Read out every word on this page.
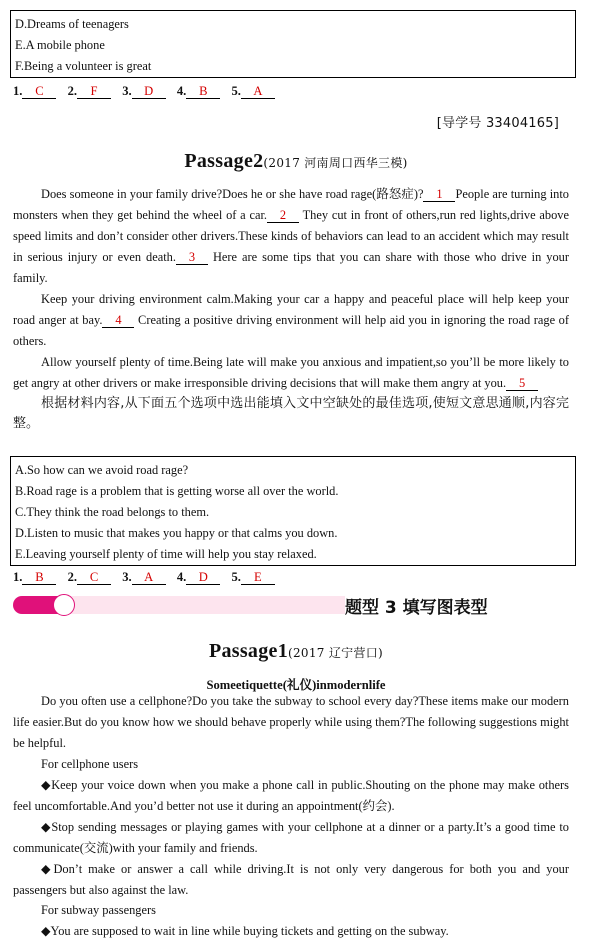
D.Dreams of teenagers
E.A mobile phone
F.Being a volunteer is great
1. C 2. F 3. D 4. B 5. A
[导学号 33404165]
Passage2(2017 河南周口西华三模)

Does someone in your family drive?Does he or she have road rage(路怒症)? 1 People are turning into monsters when they get behind the wheel of a car. 2 They cut in front of others,run red lights,drive above speed limits and don’t consider other drivers.These kinds of behaviors can lead to an accident which may result in serious injury or even death. 3 Here are some tips that you can share with those who drive in your family.

Keep your driving environment calm.Making your car a happy and peaceful place will help keep your road anger at bay. 4 Creating a positive driving environment will help aid you in ignoring the road rage of others.

Allow yourself plenty of time.Being late will make you anxious and impatient,so you’ll be more likely to get angry at other drivers or make irresponsible driving decisions that will make them angry at you. 5

根据材料内容,从下面五个选项中选出能填入文中空缺处的最佳选项,使短文意思通顺,内容完整。

A.So how can we avoid road rage?
B.Road rage is a problem that is getting worse all over the world.
C.They think the road belongs to them.
D.Listen to music that makes you happy or that calms you down.
E.Leaving yourself plenty of time will help you stay relaxed.
1. B 2. C 3. A 4. D 5. E
题型 3 填写图表型
Passage1(2017 辽宁营口)
Someetiquette(礼仪)inmodernlife

Do you often use a cellphone?Do you take the subway to school every day?These items make our modern life easier.But do you know how we should behave properly while using them?The following suggestions might be helpful.

For cellphone users

◆Keep your voice down when you make a phone call in public.Shouting on the phone may make others feel uncomfortable.And you’d better not use it during an appointment(约会).

◆Stop sending messages or playing games with your cellphone at a dinner or a party.It’s a good time to communicate(交流)with your family and friends.

◆Don’t make or answer a call while driving.It is not only very dangerous for both you and your passengers but also against the law.

For subway passengers

◆You are supposed to wait in line while buying tickets and getting on the subway.
